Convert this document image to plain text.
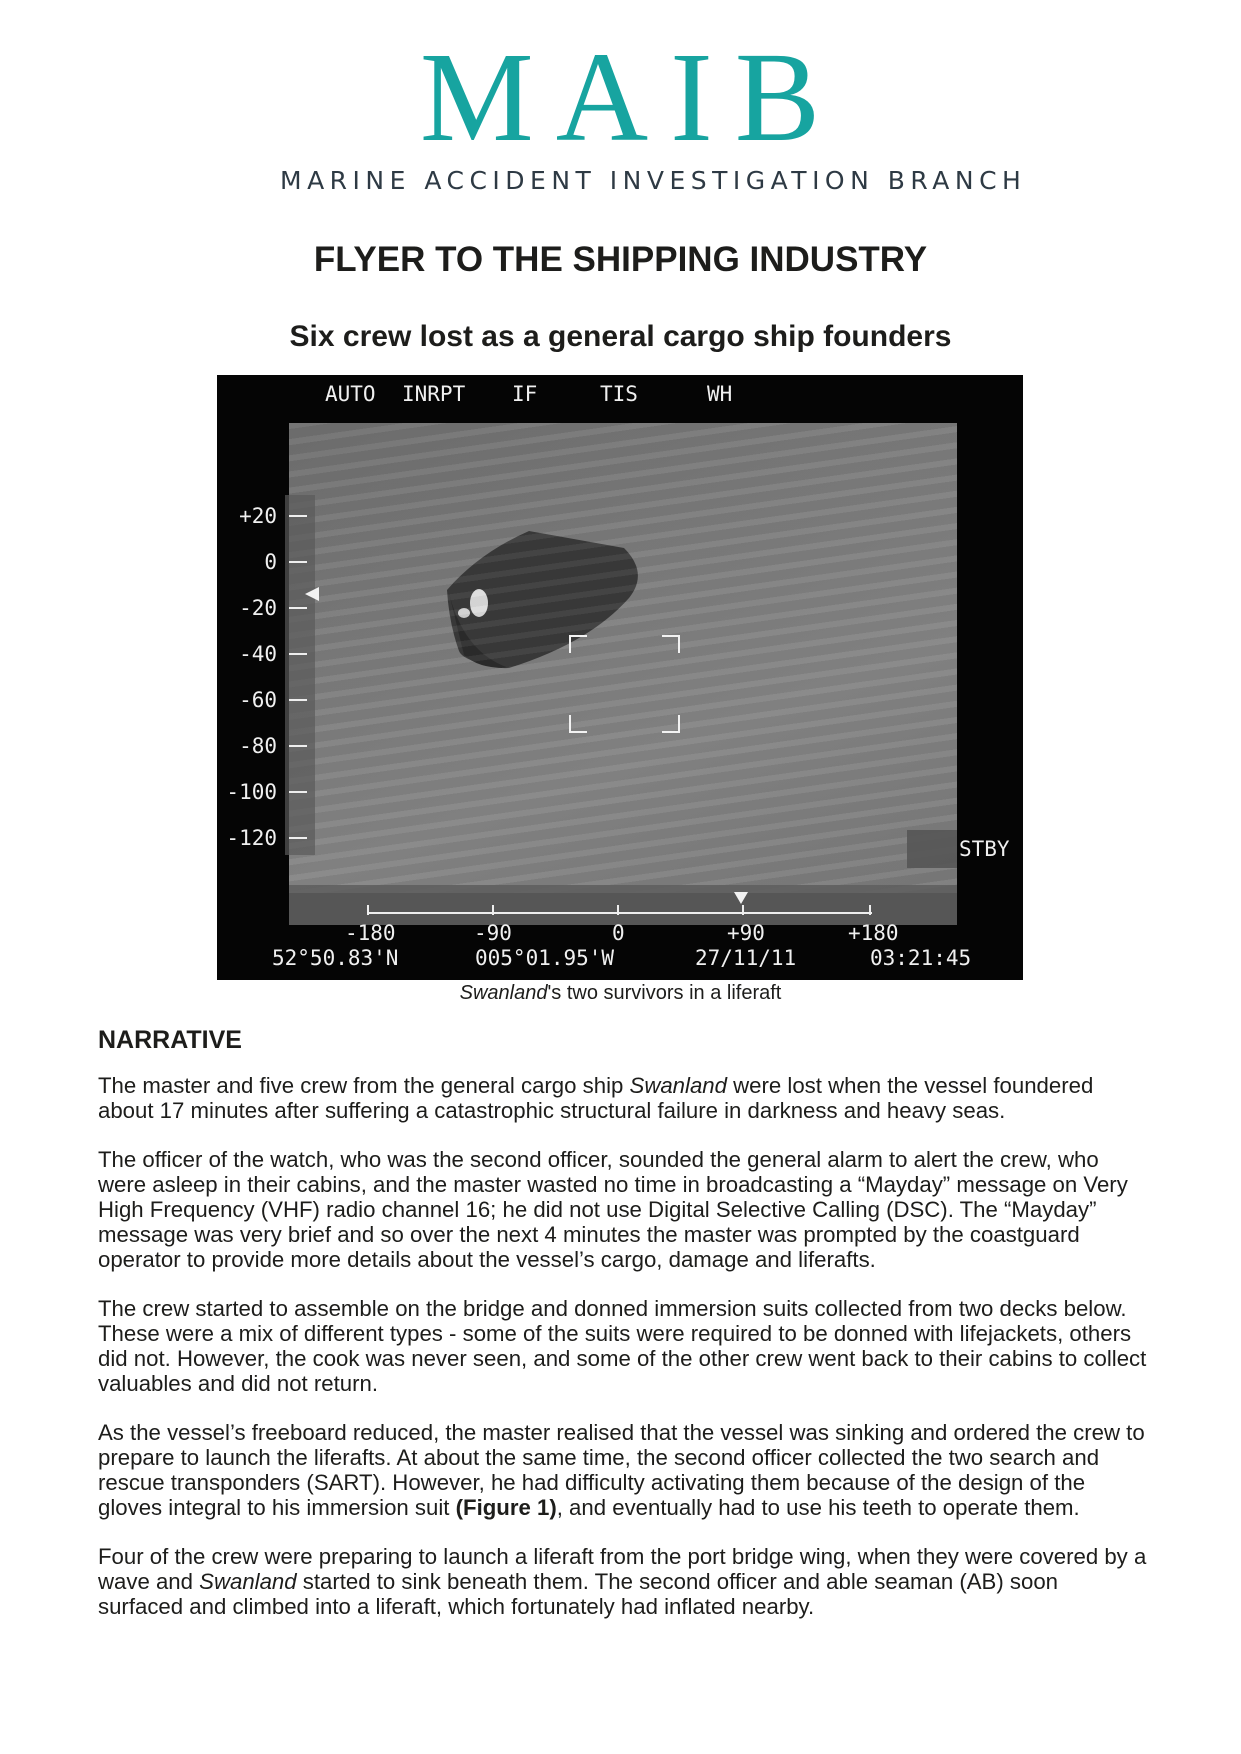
MAIB
MARINE ACCIDENT INVESTIGATION BRANCH
FLYER TO THE SHIPPING INDUSTRY
Six crew lost as a general cargo ship founders
AUTO INRPT IF	TIS	WH
+20
0
-20
-40
-60
-80
-100
-120	STBY
-180	-90	0	+90	+180
52°50.83'N	005°01.95'W	27/11/11	03:21:45

Swanland's two survivors in a liferaft

NARRATIVE

The master and five crew from the general cargo ship Swanland were lost when the vessel foundered about 17 minutes after suffering a catastrophic structural failure in darkness and heavy seas.

The officer of the watch, who was the second officer, sounded the general alarm to alert the crew, who were asleep in their cabins, and the master wasted no time in broadcasting a “Mayday” message on Very High Frequency (VHF) radio channel 16; he did not use Digital Selective Calling (DSC). The “Mayday” message was very brief and so over the next 4 minutes the master was prompted by the coastguard operator to provide more details about the vessel’s cargo, damage and liferafts.

The crew started to assemble on the bridge and donned immersion suits collected from two decks below. These were a mix of different types - some of the suits were required to be donned with lifejackets, others did not. However, the cook was never seen, and some of the other crew went back to their cabins to collect valuables and did not return.

As the vessel’s freeboard reduced, the master realised that the vessel was sinking and ordered the crew to prepare to launch the liferafts. At about the same time, the second officer collected the two search and rescue transponders (SART). However, he had difficulty activating them because of the design of the gloves integral to his immersion suit (Figure 1), and eventually had to use his teeth to operate them.

Four of the crew were preparing to launch a liferaft from the port bridge wing, when they were covered by a wave and Swanland started to sink beneath them. The second officer and able seaman (AB) soon surfaced and climbed into a liferaft, which fortunately had inflated nearby.
